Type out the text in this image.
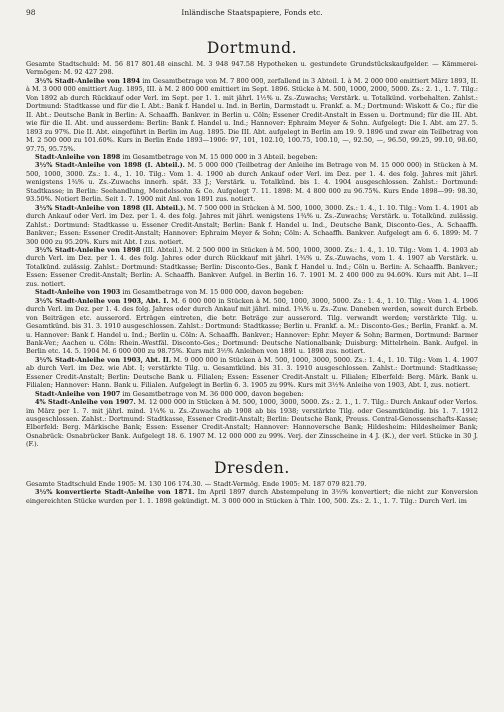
98	Inländische Staatspapiere, Fonds etc.
Dortmund.

Gesamte Stadtschuld: M. 56 817 801.48 einschl. M. 3 948 947.58 Hypotheken u. gestundete Grundstückskaufgelder. — Kämmerei-Vermögen: M. 92 427 298.

3½% Stadt-Anleihe von 1894 im Gesamtbetrage von M. 7 800 000, zerfallend in 3 Abteil. I. à M. 2 000 000 emittiert März 1893, II. à M. 3 000 000 emittiert Aug. 1895, III. à M. 2 800 000 emittiert im Sept. 1896. Stücke à M. 500, 1000, 2000, 5000. Zs.: 2. 1., 1. 7. Tilg.: Von 1892 ab durch Rückkauf oder Verl. im Sept. per 1. 1. mit jährl. 1½% u. Zs.-Zuwachs; Verstärk. u. Totalkünd. vorbehalten. Zahlst.: Dortmund: Stadtkasse und für die I. Abt.: Bank f. Handel u. Ind. in Berlin, Darmstadt u. Frankf. a. M.; Dortmund: Wiskott & Co.; für die II. Abt.: Deutsche Bank in Berlin: A. Schaaffh. Bankver. in Berlin u. Cöln; Essener Credit-Anstalt in Essen u. Dortmund; für die III. Abt. wie für die II. Abt. und ausserdem: Berlin: Bank f. Handel u. Ind.; Hannover: Ephraim Meyer & Sohn. Aufgelegt: Die I. Abt. am 27. 5. 1893 zu 97%. Die II. Abt. eingeführt in Berlin im Aug. 1895. Die III. Abt. aufgelegt in Berlin am 19. 9. 1896 und zwar ein Teilbetrag von M. 2 500 000 zu 101.60%. Kurs in Berlin Ende 1893—1906: 97, 101, 102.10, 100.75, 100.10, —, 92.50, —, 96.50, 99.25, 99.10, 98.60, 97.75, 95.75%.

Stadt-Anleihe von 1898 im Gesamtbetrage von M. 15 000 000 in 3 Abteil. begeben:

3½% Stadt-Anleihe von 1898 (I. Abteil.). M. 5 000 000 (Teilbetrag der Anleihe im Betrage von M. 15 000 000) in Stücken à M. 500, 1000, 3000. Zs.: 1. 4., 1. 10. Tilg.: Vom 1. 4. 1900 ab durch Ankauf oder Verl. im Dez. per 1. 4. des folg. Jahres mit jährl. wenigstens 1¾% u. Zs.-Zuwachs innerh. spät. 33 J.; Verstärk. u. Totalkünd. bis 1. 4. 1904 ausgeschlossen. Zahlst.: Dortmund: Stadtkasse; in Berlin: Seehandlung, Mendelssohn & Co. Aufgelegt 7. 11. 1898: M. 4 800 000 zu 96.75%. Kurs Ende 1898—99: 98.30, 93.50%. Notiert Berlin. Seit 1. 7. 1900 mit Anl. von 1891 zus. notiert.

3½% Stadt-Anleihe von 1898 (II. Abteil.). M. 7 500 000 in Stücken à M. 500, 1000, 3000. Zs.: 1. 4., 1. 10. Tilg.: Vom 1. 4. 1901 ab durch Ankauf oder Verl. im Dez. per 1. 4. des folg. Jahres mit jährl. wenigstens 1¾% u. Zs.-Zuwachs; Verstärk. u. Totalkünd. zulässig. Zahlst.: Dortmund: Stadtkasse u. Essener Credit-Anstalt; Berlin: Bank f. Handel u. Ind., Deutsche Bank, Disconto-Ges., A. Schaaffh. Bankver.; Essen: Essener Credit-Anstalt; Hannover: Ephraim Meyer & Sohn; Cöln: A. Schaaffh. Bankver. Aufgelegt am 6. 6. 1899: M. 7 300 000 zu 95.20%. Kurs mit Abt. I zus. notiert.

3½% Stadt-Anleihe von 1898 (III. Abteil.). M. 2 500 000 in Stücken à M. 500, 1000, 3000. Zs.: 1. 4., 1. 10. Tilg.: Vom 1. 4. 1903 ab durch Verl. im Dez. per 1. 4. des folg. Jahres oder durch Rückkauf mit jährl. 1¾% u. Zs.-Zuwachs, vom 1. 4. 1907 ab Verstärk. u. Totalkünd. zulässig. Zahlst.: Dortmund: Stadtkasse; Berlin: Disconto-Ges., Bank f. Handel u. Ind.; Cöln u. Berlin: A. Schaaffh. Bankver.; Essen: Essener Credit-Anstalt; Berlin: A. Schaaffh. Bankver. Aufgel. in Berlin 16. 7. 1901 M. 2 400 000 zu 94.60%. Kurs mit Abt. I—II zus. notiert.

Stadt-Anleihe von 1903 im Gesamtbetrage von M. 15 000 000, davon begeben:

3½% Stadt-Anleihe von 1903, Abt. I. M. 6 000 000 in Stücken à M. 500, 1000, 3000, 5000. Zs.: 1. 4., 1. 10. Tilg.: Vom 1. 4. 1906 durch Verl. im Dez. per 1. 4. des folg. Jahres oder durch Ankauf mit jährl. mind. 1¾% u. Zs.-Zuw. Daneben werden, soweit durch Erbeb. von Beiträgen etc. ausserord. Erträgen eintreten, die betr. Beträge zur ausserord. Tilg. verwandt werden; verstärkte Tilg. u. Gesamtkünd. bis 31. 3. 1910 ausgeschlossen. Zahlst.: Dortmund: Stadtkasse; Berlin u. Frankf. a. M.: Disconto-Ges.; Berlin, Frankf. a. M. u. Hannover: Bank f. Handel u. Ind.; Berlin u. Cöln: A. Schaaffh. Bankver.; Hannover: Ephr. Meyer & Sohn; Barmen, Dortmund: Barmer Bank-Ver.; Aachen u. Cöln: Rhein.-Westfäl. Disconto-Ges.; Dortmund: Deutsche Nationalbank; Duisburg: Mittelrhein. Bank. Aufgel. in Berlin etc. 14. 5. 1904 M. 6 000 000 zu 98.75%. Kurs mit 3½% Anleihen von 1891 u. 1898 zus. notiert.

3½% Stadt-Anleihe von 1903, Abt. II. M. 9 000 000 in Stücken à M. 500, 1000, 3000, 5000. Zs.: 1. 4., 1. 10. Tilg.: Vom 1. 4. 1907 ab durch Verl. im Dez. wie Abt. I; verstärkte Tilg. u. Gesamtkünd. bis 31. 3. 1910 ausgeschlossen. Zahlst.: Dortmund: Stadtkasse; Essener Credit-Anstalt; Berlin: Deutsche Bank u. Filialen; Essen: Essener Credit-Anstalt u. Filialen; Elberfeld: Berg. Märk. Bank u. Filialen; Hannover: Hann. Bank u. Filialen. Aufgelegt in Berlin 6. 3. 1905 zu 99%. Kurs mit 3½% Anleihe von 1903, Abt. I, zus. notiert.

Stadt-Anleihe von 1907 im Gesamtbetrage von M. 36 000 000, davon begeben:

4% Stadt-Anleihe von 1907. M. 12 000 000 in Stücken à M. 500, 1000, 3000, 5000. Zs.: 2. 1., 1. 7. Tilg.: Durch Ankauf oder Verlos. im März per 1. 7. mit jährl. mind. 1¼% u. Zs.-Zuwachs ab 1908 ab bis 1938; verstärkte Tilg. oder Gesamtkündig. bis 1. 7. 1912 ausgeschlossen. Zahlst.: Dortmund: Stadtkasse, Essener Credit-Anstalt; Berlin: Deutsche Bank, Preuss. Central-Genossenschafts-Kasse; Elberfeld: Berg. Märkische Bank; Essen: Essener Credit-Anstalt; Hannover: Hannoversche Bank; Hildesheim: Hildesheimer Bank; Osnabrück: Osnabrücker Bank. Aufgelegt 18. 6. 1907 M. 12 000 000 zu 99%. Verj. der Zinsscheine in 4 J. (K.), der verl. Stücke in 30 J. (F.).

Dresden.

Gesamte Stadtschuld Ende 1905: M. 130 106 174.30. — Stadt-Vermög. Ende 1905: M. 187 079 821.79.

3½% konvertierte Stadt-Anleihe von 1871. Im April 1897 durch Abstempelung in 3½% konvertiert; die nicht zur Konversion eingereichten Stücke wurden per 1. 1. 1898 gekündigt. M. 3 000 000 in Stücken à Thlr. 100, 500. Zs.: 2. 1., 1. 7. Tilg.: Durch Verl. im
